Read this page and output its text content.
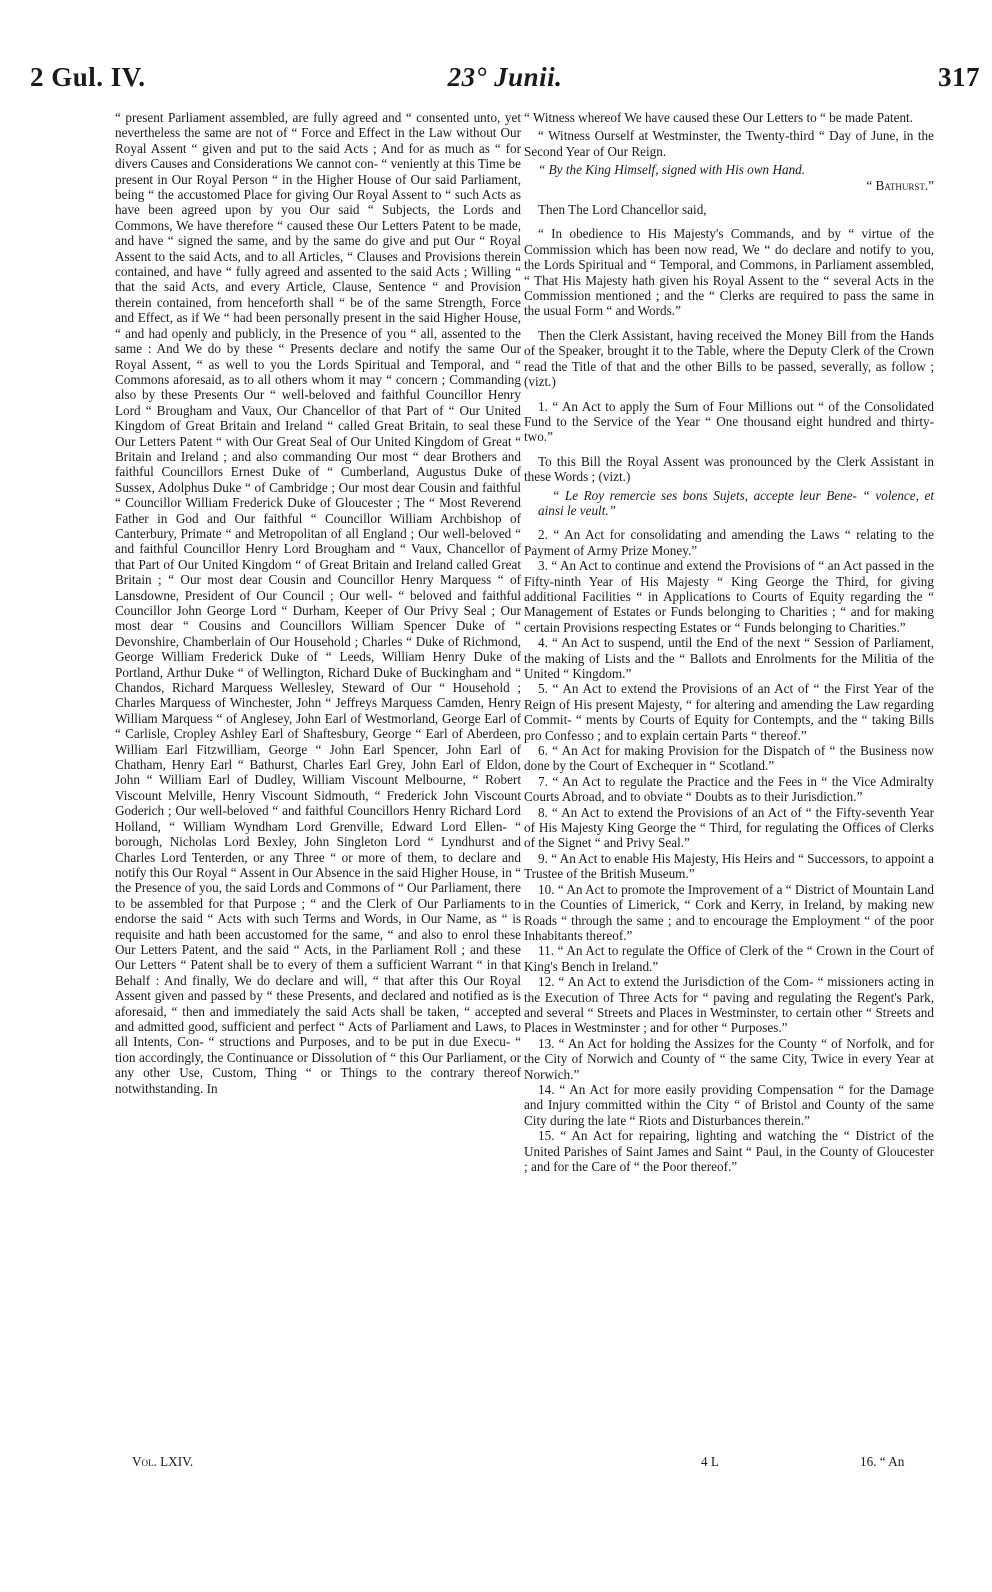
2 Gul. IV.	23° Junii.	317

“ present Parliament assembled, are fully agreed and “ consented unto, yet nevertheless the same are not of “ Force and Effect in the Law without Our Royal Assent “ given and put to the said Acts ; And for as much as “ for divers Causes and Considerations We cannot con- “ veniently at this Time be present in Our Royal Person “ in the Higher House of Our said Parliament, being “ the accustomed Place for giving Our Royal Assent to “ such Acts as have been agreed upon by you Our said “ Subjects, the Lords and Commons, We have therefore “ caused these Our Letters Patent to be made, and have “ signed the same, and by the same do give and put Our “ Royal Assent to the said Acts, and to all Articles, “ Clauses and Provisions therein contained, and have “ fully agreed and assented to the said Acts ; Willing “ that the said Acts, and every Article, Clause, Sentence “ and Provision therein contained, from henceforth shall “ be of the same Strength, Force and Effect, as if We “ had been personally present in the said Higher House, “ and had openly and publicly, in the Presence of you “ all, assented to the same : And We do by these “ Presents declare and notify the same Our Royal Assent, “ as well to you the Lords Spiritual and Temporal, and “ Commons aforesaid, as to all others whom it may “ concern ; Commanding also by these Presents Our “ well-beloved and faithful Councillor Henry Lord “ Brougham and Vaux, Our Chancellor of that Part of “ Our United Kingdom of Great Britain and Ireland “ called Great Britain, to seal these Our Letters Patent “ with Our Great Seal of Our United Kingdom of Great “ Britain and Ireland ; and also commanding Our most “ dear Brothers and faithful Councillors Ernest Duke of “ Cumberland, Augustus Duke of Sussex, Adolphus Duke “ of Cambridge ; Our most dear Cousin and faithful “ Councillor William Frederick Duke of Gloucester ; The “ Most Reverend Father in God and Our faithful “ Councillor William Archbishop of Canterbury, Primate “ and Metropolitan of all England ; Our well-beloved “ and faithful Councillor Henry Lord Brougham and “ Vaux, Chancellor of that Part of Our United Kingdom “ of Great Britain and Ireland called Great Britain ; “ Our most dear Cousin and Councillor Henry Marquess “ of Lansdowne, President of Our Council ; Our well- “ beloved and faithful Councillor John George Lord “ Durham, Keeper of Our Privy Seal ; Our most dear “ Cousins and Councillors William Spencer Duke of “ Devonshire, Chamberlain of Our Household ; Charles “ Duke of Richmond, George William Frederick Duke of “ Leeds, William Henry Duke of Portland, Arthur Duke “ of Wellington, Richard Duke of Buckingham and “ Chandos, Richard Marquess Wellesley, Steward of Our “ Household ; Charles Marquess of Winchester, John “ Jeffreys Marquess Camden, Henry William Marquess “ of Anglesey, John Earl of Westmorland, George Earl of “ Carlisle, Cropley Ashley Earl of Shaftesbury, George “ Earl of Aberdeen, William Earl Fitzwilliam, George “ John Earl Spencer, John Earl of Chatham, Henry Earl “ Bathurst, Charles Earl Grey, John Earl of Eldon, John “ William Earl of Dudley, William Viscount Melbourne, “ Robert Viscount Melville, Henry Viscount Sidmouth, “ Frederick John Viscount Goderich ; Our well-beloved “ and faithful Councillors Henry Richard Lord Holland, “ William Wyndham Lord Grenville, Edward Lord Ellen- “ borough, Nicholas Lord Bexley, John Singleton Lord “ Lyndhurst and Charles Lord Tenterden, or any Three “ or more of them, to declare and notify this Our Royal “ Assent in Our Absence in the said Higher House, in “ the Presence of you, the said Lords and Commons of “ Our Parliament, there to be assembled for that Purpose ; “ and the Clerk of Our Parliaments to endorse the said “ Acts with such Terms and Words, in Our Name, as “ is requisite and hath been accustomed for the same, “ and also to enrol these Our Letters Patent, and the said “ Acts, in the Parliament Roll ; and these Our Letters “ Patent shall be to every of them a sufficient Warrant “ in that Behalf : And finally, We do declare and will, “ that after this Our Royal Assent given and passed by “ these Presents, and declared and notified as is aforesaid, “ then and immediately the said Acts shall be taken, “ accepted and admitted good, sufficient and perfect “ Acts of Parliament and Laws, to all Intents, Con- “ structions and Purposes, and to be put in due Execu- “ tion accordingly, the Continuance or Dissolution of “ this Our Parliament, or any other Use, Custom, Thing “ or Things to the contrary thereof notwithstanding. In

“ Witness whereof We have caused these Our Letters to “ be made Patent.

“ Witness Ourself at Westminster, the Twenty-third “ Day of June, in the Second Year of Our Reign.

“ By the King Himself, signed with His own Hand.

“ Bathurst.”

Then The Lord Chancellor said,

“ In obedience to His Majesty's Commands, and by “ virtue of the Commission which has been now read, We “ do declare and notify to you, the Lords Spiritual and “ Temporal, and Commons, in Parliament assembled, “ That His Majesty hath given his Royal Assent to the “ several Acts in the Commission mentioned ; and the “ Clerks are required to pass the same in the usual Form “ and Words.”

Then the Clerk Assistant, having received the Money Bill from the Hands of the Speaker, brought it to the Table, where the Deputy Clerk of the Crown read the Title of that and the other Bills to be passed, severally, as follow ; (vizt.)

1. “ An Act to apply the Sum of Four Millions out “ of the Consolidated Fund to the Service of the Year “ One thousand eight hundred and thirty-two.”

To this Bill the Royal Assent was pronounced by the Clerk Assistant in these Words ; (vizt.)

“ Le Roy remercie ses bons Sujets, accepte leur Bene- “ volence, et ainsi le veult.”

2. “ An Act for consolidating and amending the Laws “ relating to the Payment of Army Prize Money.”

3. “ An Act to continue and extend the Provisions of “ an Act passed in the Fifty-ninth Year of His Majesty “ King George the Third, for giving additional Facilities “ in Applications to Courts of Equity regarding the “ Management of Estates or Funds belonging to Charities ; “ and for making certain Provisions respecting Estates or “ Funds belonging to Charities.”

4. “ An Act to suspend, until the End of the next “ Session of Parliament, the making of Lists and the “ Ballots and Enrolments for the Militia of the United “ Kingdom.”

5. “ An Act to extend the Provisions of an Act of “ the First Year of the Reign of His present Majesty, “ for altering and amending the Law regarding Commit- “ ments by Courts of Equity for Contempts, and the “ taking Bills pro Confesso ; and to explain certain Parts “ thereof.”

6. “ An Act for making Provision for the Dispatch of “ the Business now done by the Court of Exchequer in “ Scotland.”

7. “ An Act to regulate the Practice and the Fees in “ the Vice Admiralty Courts Abroad, and to obviate “ Doubts as to their Jurisdiction.”

8. “ An Act to extend the Provisions of an Act of “ the Fifty-seventh Year of His Majesty King George the “ Third, for regulating the Offices of Clerks of the Signet “ and Privy Seal.”

9. “ An Act to enable His Majesty, His Heirs and “ Successors, to appoint a Trustee of the British Museum.”

10. “ An Act to promote the Improvement of a “ District of Mountain Land in the Counties of Limerick, “ Cork and Kerry, in Ireland, by making new Roads “ through the same ; and to encourage the Employment “ of the poor Inhabitants thereof.”

11. “ An Act to regulate the Office of Clerk of the “ Crown in the Court of King's Bench in Ireland.”

12. “ An Act to extend the Jurisdiction of the Com- “ missioners acting in the Execution of Three Acts for “ paving and regulating the Regent's Park, and several “ Streets and Places in Westminster, to certain other “ Streets and Places in Westminster ; and for other “ Purposes.”

13. “ An Act for holding the Assizes for the County “ of Norfolk, and for the City of Norwich and County of “ the same City, Twice in every Year at Norwich.”

14. “ An Act for more easily providing Compensation “ for the Damage and Injury committed within the City “ of Bristol and County of the same City during the late “ Riots and Disturbances therein.”

15. “ An Act for repairing, lighting and watching the “ District of the United Parishes of Saint James and Saint “ Paul, in the County of Gloucester ; and for the Care of “ the Poor thereof.”

Vol. LXIV.	4 L	16. “ An
